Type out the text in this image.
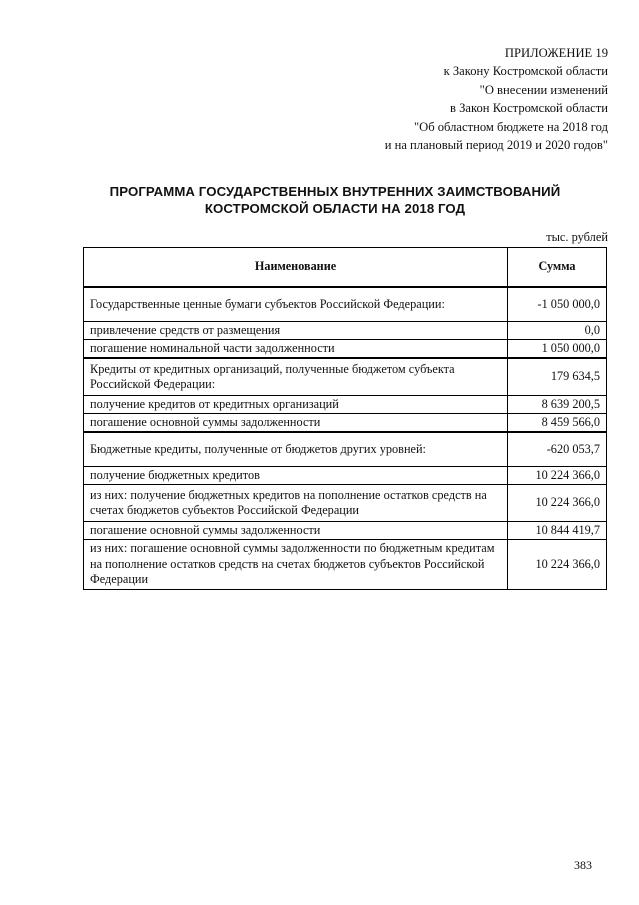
ПРИЛОЖЕНИЕ 19
к Закону Костромской области
"О внесении изменений
в Закон Костромской области
"Об областном бюджете на 2018 год
и на плановый период 2019 и 2020 годов"
ПРОГРАММА ГОСУДАРСТВЕННЫХ ВНУТРЕННИХ ЗАИМСТВОВАНИЙ
КОСТРОМСКОЙ ОБЛАСТИ НА 2018 ГОД
тыс. рублей
Наименование	Сумма
Государственные ценные бумаги субъектов Российской Федерации:	-1 050 000,0
привлечение средств от размещения	0,0
погашение номинальной части задолженности	1 050 000,0
Кредиты от кредитных организаций, полученные бюджетом субъекта Российской Федерации:	179 634,5
получение кредитов от кредитных организаций	8 639 200,5
погашение основной суммы задолженности	8 459 566,0
Бюджетные кредиты, полученные от бюджетов других уровней:	-620 053,7
получение бюджетных кредитов	10 224 366,0
из них: получение бюджетных кредитов на пополнение остатков средств на счетах бюджетов субъектов Российской Федерации	10 224 366,0
погашение основной суммы задолженности	10 844 419,7
из них: погашение основной суммы задолженности по бюджетным кредитам на пополнение остатков средств на счетах бюджетов субъектов Российской Федерации	10 224 366,0
383
